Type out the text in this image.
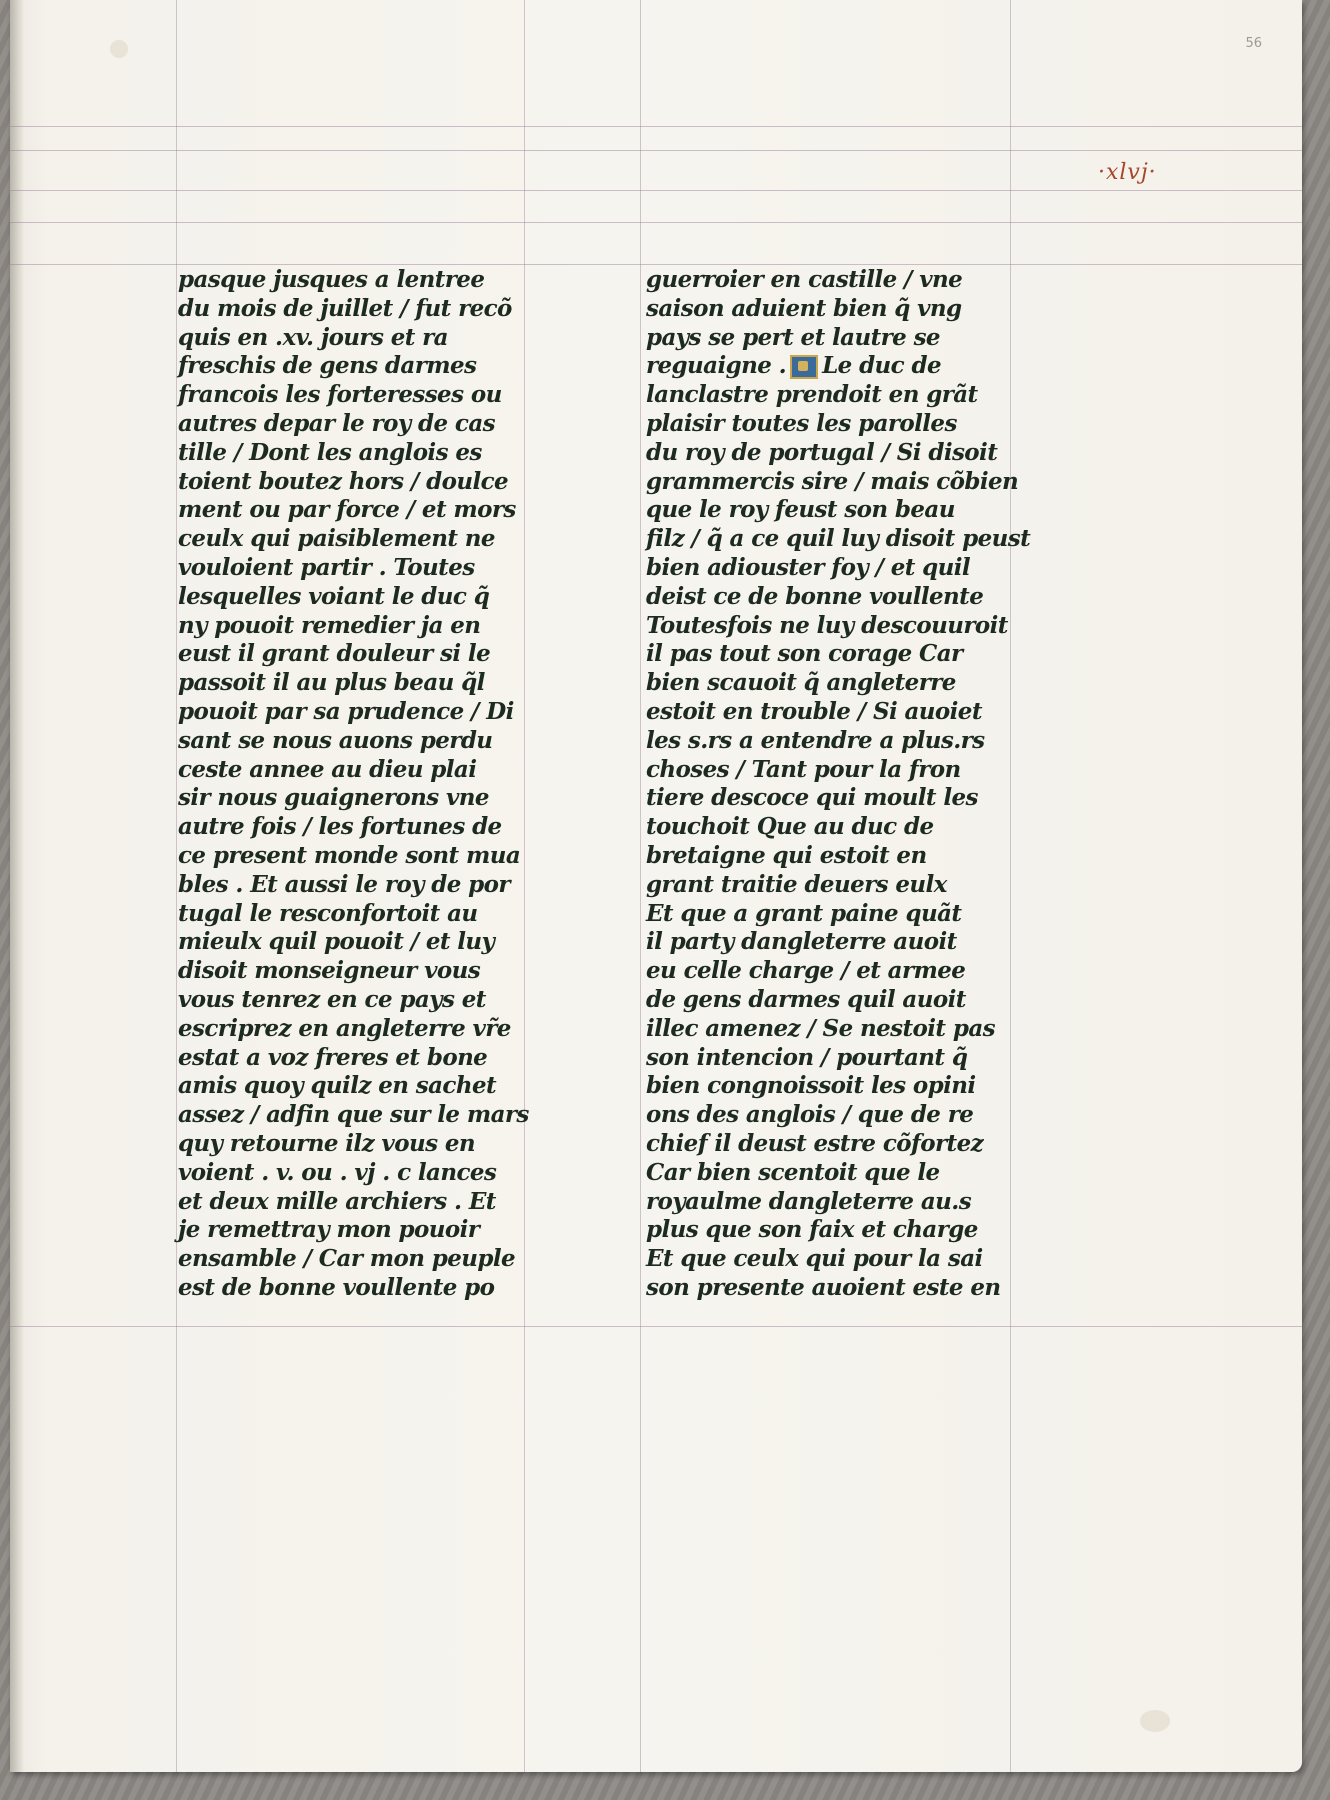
56
·xlvj·
pasque jusques a lentree
du mois de juillet / fut recõ
quis en .xv. jours et ra
freschis de gens darmes
francois les forteresses ou
autres depar le roy de cas
tille / Dont les anglois es
toient boutez hors / doulce
ment ou par force / et mors
ceulx qui paisiblement ne
vouloient partir . Toutes
lesquelles voiant le duc q̃
ny pouoit remedier ja en
eust il grant douleur si le
passoit il au plus beau q̃l
pouoit par sa prudence / Di
sant se nous auons perdu
ceste annee au dieu plai
sir nous guaignerons vne
autre fois / les fortunes de
ce present monde sont mua
bles . Et aussi le roy de por
tugal le resconfortoit au
mieulx quil pouoit / et luy
disoit monseigneur vous
vous tenrez en ce pays et
escriprez en angleterre vr̃e
estat a voz freres et bone
amis quoy quilz en sachet
assez / adfin que sur le mars
quy retourne ilz vous en
voient . v. ou . vj . c lances
et deux mille archiers . Et
je remettray mon pouoir
ensamble / Car mon peuple
est de bonne voullente po
guerroier en castille / vne
saison aduient bien q̃ vng
pays se pert et lautre se
reguaigne . Le duc de
lanclastre prendoit en grãt
plaisir toutes les parolles
du roy de portugal / Si disoit
grammercis sire / mais cõbien
que le roy feust son beau
filz / q̃ a ce quil luy disoit peust
bien adiouster foy / et quil
deist ce de bonne voullente
Toutesfois ne luy descouuroit
il pas tout son corage Car
bien scauoit q̃ angleterre
estoit en trouble / Si auoiet
les s.rs a entendre a plus.rs
choses / Tant pour la fron
tiere descoce qui moult les
touchoit Que au duc de
bretaigne qui estoit en
grant traitie deuers eulx
Et que a grant paine quãt
il party dangleterre auoit
eu celle charge / et armee
de gens darmes quil auoit
illec amenez / Se nestoit pas
son intencion / pourtant q̃
bien congnoissoit les opini
ons des anglois / que de re
chief il deust estre cõfortez
Car bien scentoit que le
royaulme dangleterre au.s
plus que son faix et charge
Et que ceulx qui pour la sai
son presente auoient este en
